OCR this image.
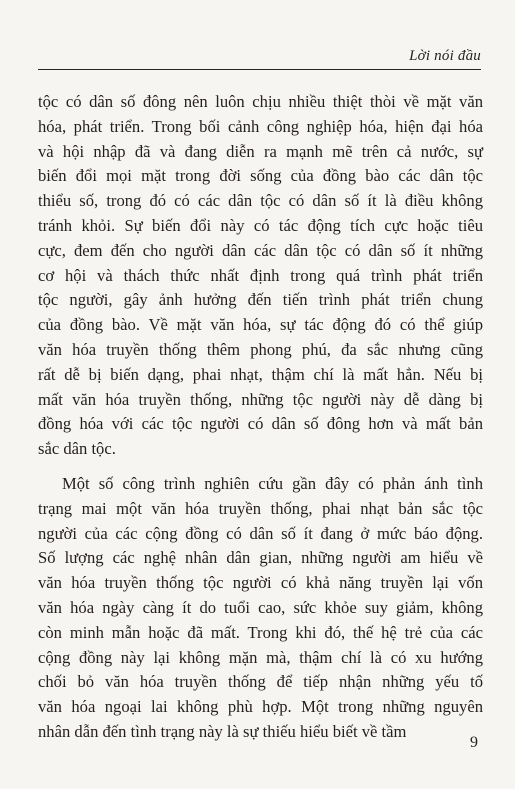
Lời nói đầu
tộc có dân số đông nên luôn chịu nhiều thiệt thòi về mặt văn
hóa, phát triển. Trong bối cảnh công nghiệp hóa, hiện đại hóa
và hội nhập đã và đang diễn ra mạnh mẽ trên cả nước, sự
biến đổi mọi mặt trong đời sống của đồng bào các dân tộc
thiểu số, trong đó có các dân tộc có dân số ít là điều không
tránh khỏi. Sự biến đổi này có tác động tích cực hoặc tiêu
cực, đem đến cho người dân các dân tộc có dân số ít những
cơ hội và thách thức nhất định trong quá trình phát triển
tộc người, gây ảnh hưởng đến tiến trình phát triển chung
của đồng bào. Về mặt văn hóa, sự tác động đó có thể giúp
văn hóa truyền thống thêm phong phú, đa sắc nhưng cũng
rất dễ bị biến dạng, phai nhạt, thậm chí là mất hẳn. Nếu bị
mất văn hóa truyền thống, những tộc người này dễ dàng bị
đồng hóa với các tộc người có dân số đông hơn và mất bản
sắc dân tộc.
Một số công trình nghiên cứu gần đây có phản ánh tình
trạng mai một văn hóa truyền thống, phai nhạt bản sắc tộc
người của các cộng đồng có dân số ít đang ở mức báo động.
Số lượng các nghệ nhân dân gian, những người am hiểu về
văn hóa truyền thống tộc người có khả năng truyền lại vốn
văn hóa ngày càng ít do tuổi cao, sức khỏe suy giảm, không
còn minh mẫn hoặc đã mất. Trong khi đó, thế hệ trẻ của các
cộng đồng này lại không mặn mà, thậm chí là có xu hướng
chối bỏ văn hóa truyền thống để tiếp nhận những yếu tố
văn hóa ngoại lai không phù hợp. Một trong những nguyên
nhân dẫn đến tình trạng này là sự thiếu hiểu biết về tầm
9
